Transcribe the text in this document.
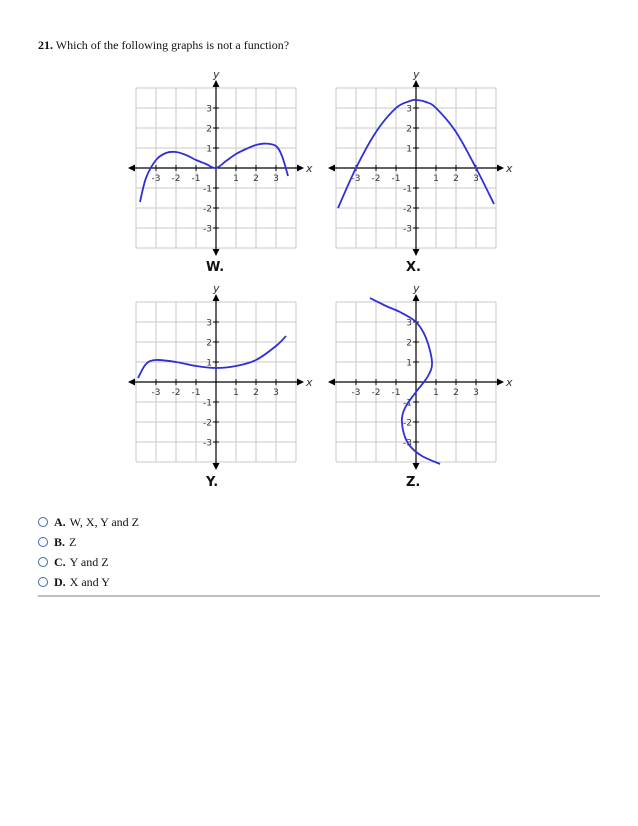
21. Which of the following graphs is not a function?
x
y
-3 -2 -1	1 2 3
3
2
1
-1
-2
-3
W.
x
y
-3 -2 -1	1 2 3
3
2
1
-1
-2
-3
X.
x
y
-3 -2 -1	1 2 3
3
2
1
-1
-2
-3
Y.
x
y
-3 -2 -1	1 2 3
3
2
1
-1
-2
-3
Z.
A. W, X, Y and Z
B. Z
C. Y and Z
D. X and Y
